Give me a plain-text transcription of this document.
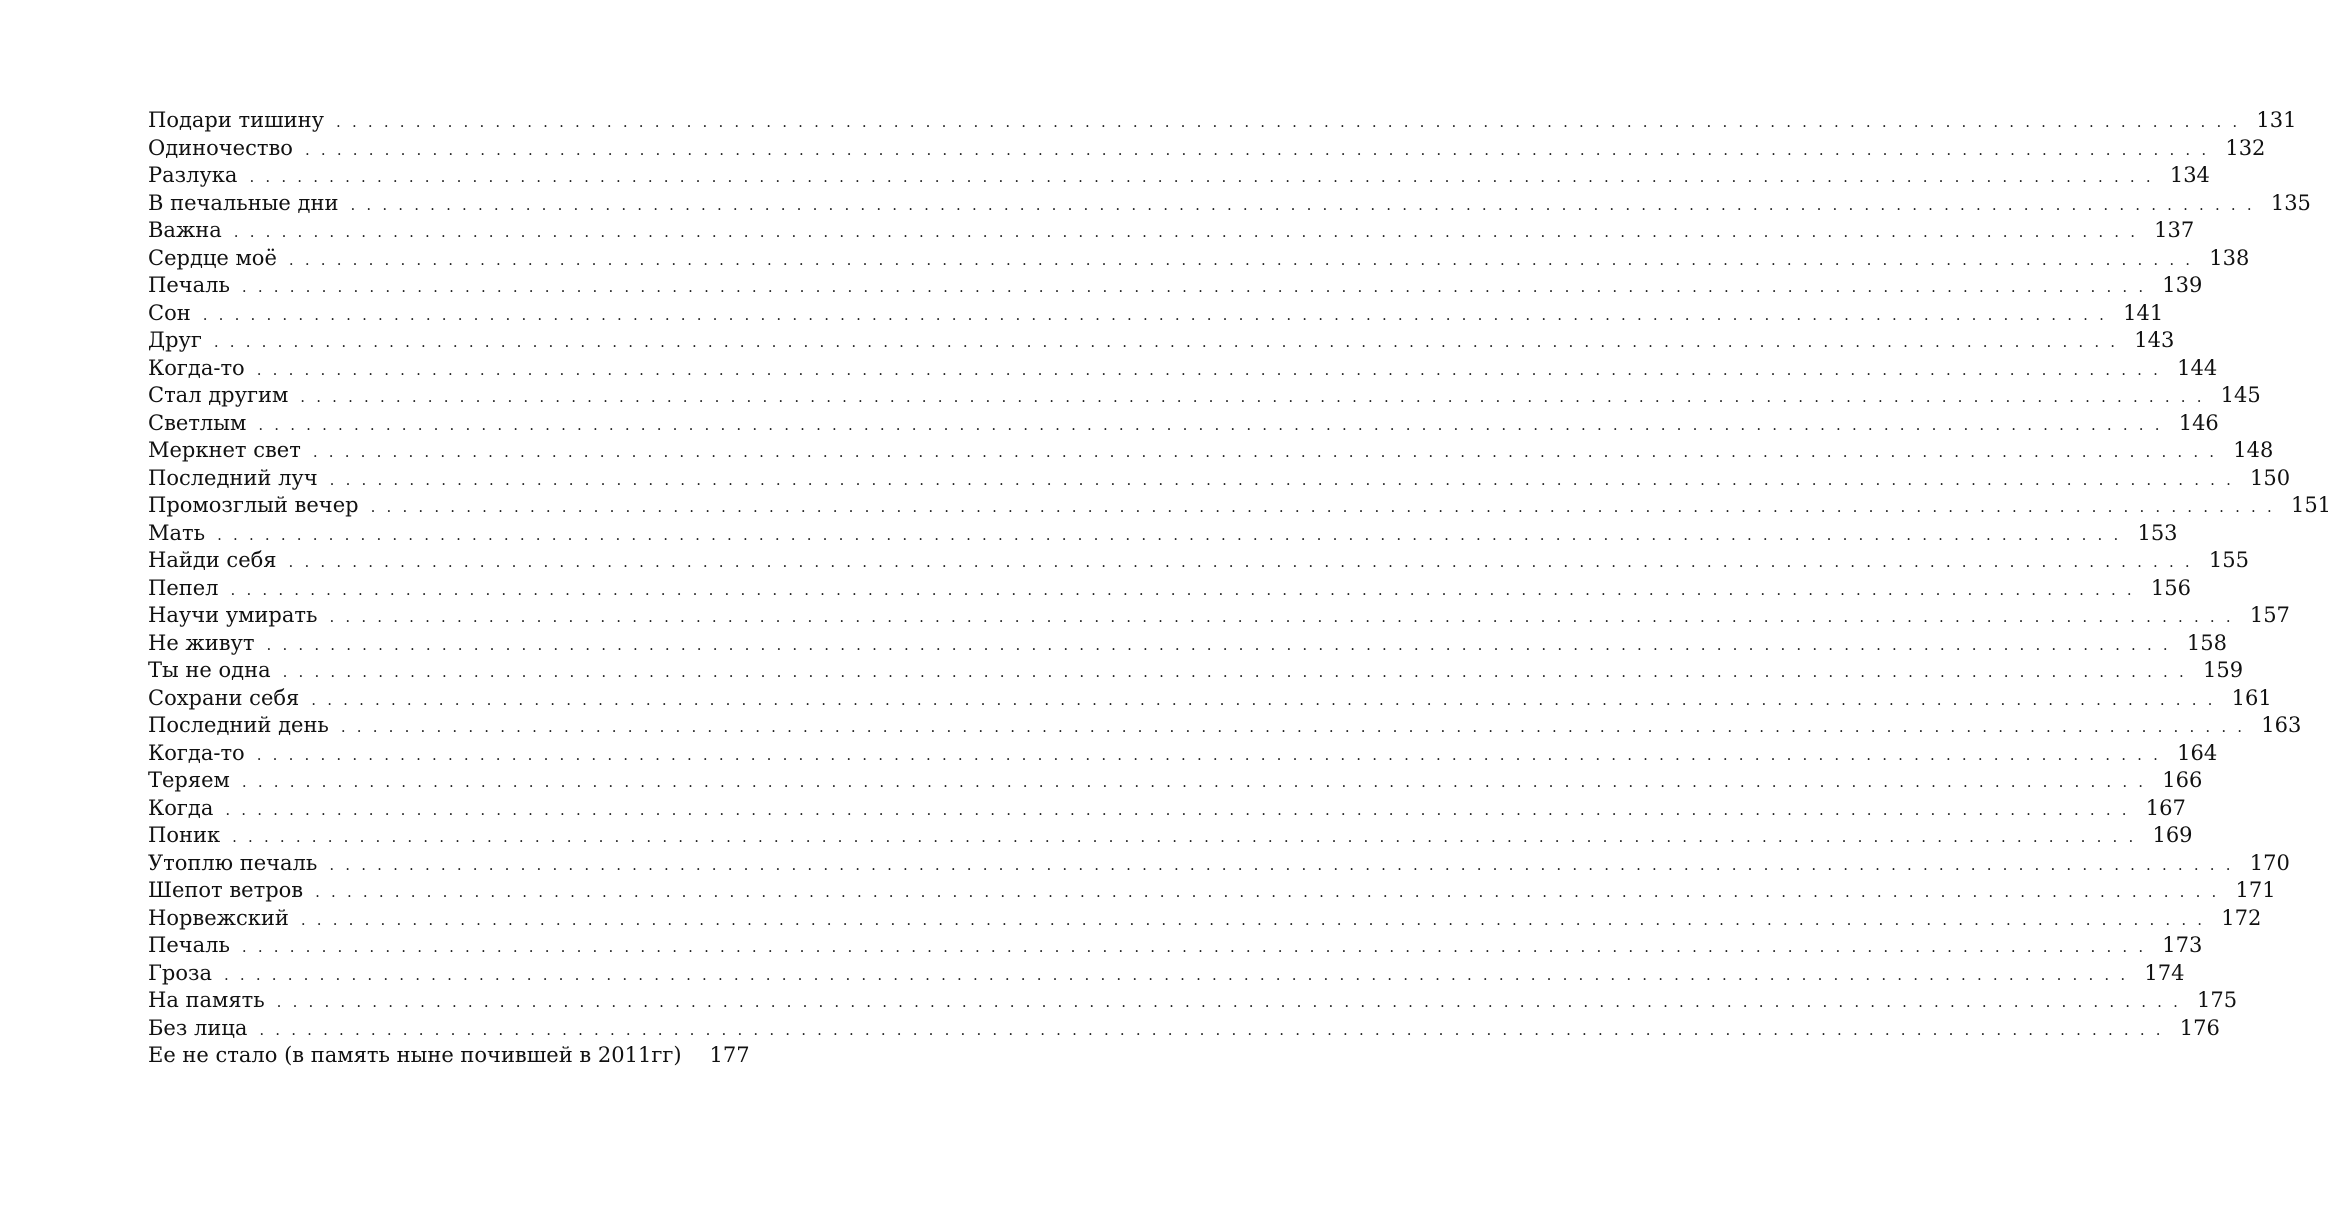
Подари тишину . . . . . . . . . . . . . . . . . . . . . . . . . . . . . . . . . . . . . . . . . . . . . . . . . . . . . . . . . . . . . . . . . . . . . . . . . . . . . . . . . . . . . . . . . . . . . . . . . . . . . . . . . . . . . . . . . . . . . . . . 131
Одиночество . . . . . . . . . . . . . . . . . . . . . . . . . . . . . . . . . . . . . . . . . . . . . . . . . . . . . . . . . . . . . . . . . . . . . . . . . . . . . . . . . . . . . . . . . . . . . . . . . . . . . . . . . . . . . . . . . . . . . . . . 132
Разлука . . . . . . . . . . . . . . . . . . . . . . . . . . . . . . . . . . . . . . . . . . . . . . . . . . . . . . . . . . . . . . . . . . . . . . . . . . . . . . . . . . . . . . . . . . . . . . . . . . . . . . . . . . . . . . . . . . . . . . . . 134
В печальные дни . . . . . . . . . . . . . . . . . . . . . . . . . . . . . . . . . . . . . . . . . . . . . . . . . . . . . . . . . . . . . . . . . . . . . . . . . . . . . . . . . . . . . . . . . . . . . . . . . . . . . . . . . . . . . . . . . . . . . . . . 135
Важна . . . . . . . . . . . . . . . . . . . . . . . . . . . . . . . . . . . . . . . . . . . . . . . . . . . . . . . . . . . . . . . . . . . . . . . . . . . . . . . . . . . . . . . . . . . . . . . . . . . . . . . . . . . . . . . . . . . . . . . . 137
Сердце моё . . . . . . . . . . . . . . . . . . . . . . . . . . . . . . . . . . . . . . . . . . . . . . . . . . . . . . . . . . . . . . . . . . . . . . . . . . . . . . . . . . . . . . . . . . . . . . . . . . . . . . . . . . . . . . . . . . . . . . . . 138
Печаль . . . . . . . . . . . . . . . . . . . . . . . . . . . . . . . . . . . . . . . . . . . . . . . . . . . . . . . . . . . . . . . . . . . . . . . . . . . . . . . . . . . . . . . . . . . . . . . . . . . . . . . . . . . . . . . . . . . . . . . . 139
Сон . . . . . . . . . . . . . . . . . . . . . . . . . . . . . . . . . . . . . . . . . . . . . . . . . . . . . . . . . . . . . . . . . . . . . . . . . . . . . . . . . . . . . . . . . . . . . . . . . . . . . . . . . . . . . . . . . . . . . . . . 141
Друг . . . . . . . . . . . . . . . . . . . . . . . . . . . . . . . . . . . . . . . . . . . . . . . . . . . . . . . . . . . . . . . . . . . . . . . . . . . . . . . . . . . . . . . . . . . . . . . . . . . . . . . . . . . . . . . . . . . . . . . . 143
Когда-то . . . . . . . . . . . . . . . . . . . . . . . . . . . . . . . . . . . . . . . . . . . . . . . . . . . . . . . . . . . . . . . . . . . . . . . . . . . . . . . . . . . . . . . . . . . . . . . . . . . . . . . . . . . . . . . . . . . . . . . . 144
Стал другим . . . . . . . . . . . . . . . . . . . . . . . . . . . . . . . . . . . . . . . . . . . . . . . . . . . . . . . . . . . . . . . . . . . . . . . . . . . . . . . . . . . . . . . . . . . . . . . . . . . . . . . . . . . . . . . . . . . . . . . . 145
Светлым . . . . . . . . . . . . . . . . . . . . . . . . . . . . . . . . . . . . . . . . . . . . . . . . . . . . . . . . . . . . . . . . . . . . . . . . . . . . . . . . . . . . . . . . . . . . . . . . . . . . . . . . . . . . . . . . . . . . . . . . 146
Меркнет свет . . . . . . . . . . . . . . . . . . . . . . . . . . . . . . . . . . . . . . . . . . . . . . . . . . . . . . . . . . . . . . . . . . . . . . . . . . . . . . . . . . . . . . . . . . . . . . . . . . . . . . . . . . . . . . . . . . . . . . . . 148
Последний луч . . . . . . . . . . . . . . . . . . . . . . . . . . . . . . . . . . . . . . . . . . . . . . . . . . . . . . . . . . . . . . . . . . . . . . . . . . . . . . . . . . . . . . . . . . . . . . . . . . . . . . . . . . . . . . . . . . . . . . . . 150
Промозглый вечер . . . . . . . . . . . . . . . . . . . . . . . . . . . . . . . . . . . . . . . . . . . . . . . . . . . . . . . . . . . . . . . . . . . . . . . . . . . . . . . . . . . . . . . . . . . . . . . . . . . . . . . . . . . . . . . . . . . . . . . . 151
Мать . . . . . . . . . . . . . . . . . . . . . . . . . . . . . . . . . . . . . . . . . . . . . . . . . . . . . . . . . . . . . . . . . . . . . . . . . . . . . . . . . . . . . . . . . . . . . . . . . . . . . . . . . . . . . . . . . . . . . . . . 153
Найди себя . . . . . . . . . . . . . . . . . . . . . . . . . . . . . . . . . . . . . . . . . . . . . . . . . . . . . . . . . . . . . . . . . . . . . . . . . . . . . . . . . . . . . . . . . . . . . . . . . . . . . . . . . . . . . . . . . . . . . . . . 155
Пепел . . . . . . . . . . . . . . . . . . . . . . . . . . . . . . . . . . . . . . . . . . . . . . . . . . . . . . . . . . . . . . . . . . . . . . . . . . . . . . . . . . . . . . . . . . . . . . . . . . . . . . . . . . . . . . . . . . . . . . . . 156
Научи умирать . . . . . . . . . . . . . . . . . . . . . . . . . . . . . . . . . . . . . . . . . . . . . . . . . . . . . . . . . . . . . . . . . . . . . . . . . . . . . . . . . . . . . . . . . . . . . . . . . . . . . . . . . . . . . . . . . . . . . . . . 157
Не живут . . . . . . . . . . . . . . . . . . . . . . . . . . . . . . . . . . . . . . . . . . . . . . . . . . . . . . . . . . . . . . . . . . . . . . . . . . . . . . . . . . . . . . . . . . . . . . . . . . . . . . . . . . . . . . . . . . . . . . . . 158
Ты не одна . . . . . . . . . . . . . . . . . . . . . . . . . . . . . . . . . . . . . . . . . . . . . . . . . . . . . . . . . . . . . . . . . . . . . . . . . . . . . . . . . . . . . . . . . . . . . . . . . . . . . . . . . . . . . . . . . . . . . . . . 159
Сохрани себя . . . . . . . . . . . . . . . . . . . . . . . . . . . . . . . . . . . . . . . . . . . . . . . . . . . . . . . . . . . . . . . . . . . . . . . . . . . . . . . . . . . . . . . . . . . . . . . . . . . . . . . . . . . . . . . . . . . . . . . . 161
Последний день . . . . . . . . . . . . . . . . . . . . . . . . . . . . . . . . . . . . . . . . . . . . . . . . . . . . . . . . . . . . . . . . . . . . . . . . . . . . . . . . . . . . . . . . . . . . . . . . . . . . . . . . . . . . . . . . . . . . . . . . 163
Когда-то . . . . . . . . . . . . . . . . . . . . . . . . . . . . . . . . . . . . . . . . . . . . . . . . . . . . . . . . . . . . . . . . . . . . . . . . . . . . . . . . . . . . . . . . . . . . . . . . . . . . . . . . . . . . . . . . . . . . . . . . 164
Теряем . . . . . . . . . . . . . . . . . . . . . . . . . . . . . . . . . . . . . . . . . . . . . . . . . . . . . . . . . . . . . . . . . . . . . . . . . . . . . . . . . . . . . . . . . . . . . . . . . . . . . . . . . . . . . . . . . . . . . . . . 166
Когда . . . . . . . . . . . . . . . . . . . . . . . . . . . . . . . . . . . . . . . . . . . . . . . . . . . . . . . . . . . . . . . . . . . . . . . . . . . . . . . . . . . . . . . . . . . . . . . . . . . . . . . . . . . . . . . . . . . . . . . . 167
Поник . . . . . . . . . . . . . . . . . . . . . . . . . . . . . . . . . . . . . . . . . . . . . . . . . . . . . . . . . . . . . . . . . . . . . . . . . . . . . . . . . . . . . . . . . . . . . . . . . . . . . . . . . . . . . . . . . . . . . . . . 169
Утоплю печаль . . . . . . . . . . . . . . . . . . . . . . . . . . . . . . . . . . . . . . . . . . . . . . . . . . . . . . . . . . . . . . . . . . . . . . . . . . . . . . . . . . . . . . . . . . . . . . . . . . . . . . . . . . . . . . . . . . . . . . . . 170
Шепот ветров . . . . . . . . . . . . . . . . . . . . . . . . . . . . . . . . . . . . . . . . . . . . . . . . . . . . . . . . . . . . . . . . . . . . . . . . . . . . . . . . . . . . . . . . . . . . . . . . . . . . . . . . . . . . . . . . . . . . . . . . 171
Норвежский . . . . . . . . . . . . . . . . . . . . . . . . . . . . . . . . . . . . . . . . . . . . . . . . . . . . . . . . . . . . . . . . . . . . . . . . . . . . . . . . . . . . . . . . . . . . . . . . . . . . . . . . . . . . . . . . . . . . . . . . 172
Печаль . . . . . . . . . . . . . . . . . . . . . . . . . . . . . . . . . . . . . . . . . . . . . . . . . . . . . . . . . . . . . . . . . . . . . . . . . . . . . . . . . . . . . . . . . . . . . . . . . . . . . . . . . . . . . . . . . . . . . . . . 173
Гроза . . . . . . . . . . . . . . . . . . . . . . . . . . . . . . . . . . . . . . . . . . . . . . . . . . . . . . . . . . . . . . . . . . . . . . . . . . . . . . . . . . . . . . . . . . . . . . . . . . . . . . . . . . . . . . . . . . . . . . . . 174
На память . . . . . . . . . . . . . . . . . . . . . . . . . . . . . . . . . . . . . . . . . . . . . . . . . . . . . . . . . . . . . . . . . . . . . . . . . . . . . . . . . . . . . . . . . . . . . . . . . . . . . . . . . . . . . . . . . . . . . . . . 175
Без лица . . . . . . . . . . . . . . . . . . . . . . . . . . . . . . . . . . . . . . . . . . . . . . . . . . . . . . . . . . . . . . . . . . . . . . . . . . . . . . . . . . . . . . . . . . . . . . . . . . . . . . . . . . . . . . . . . . . . . . . . 176
Ее не стало (в память ныне почившей в 2011гг) 177
